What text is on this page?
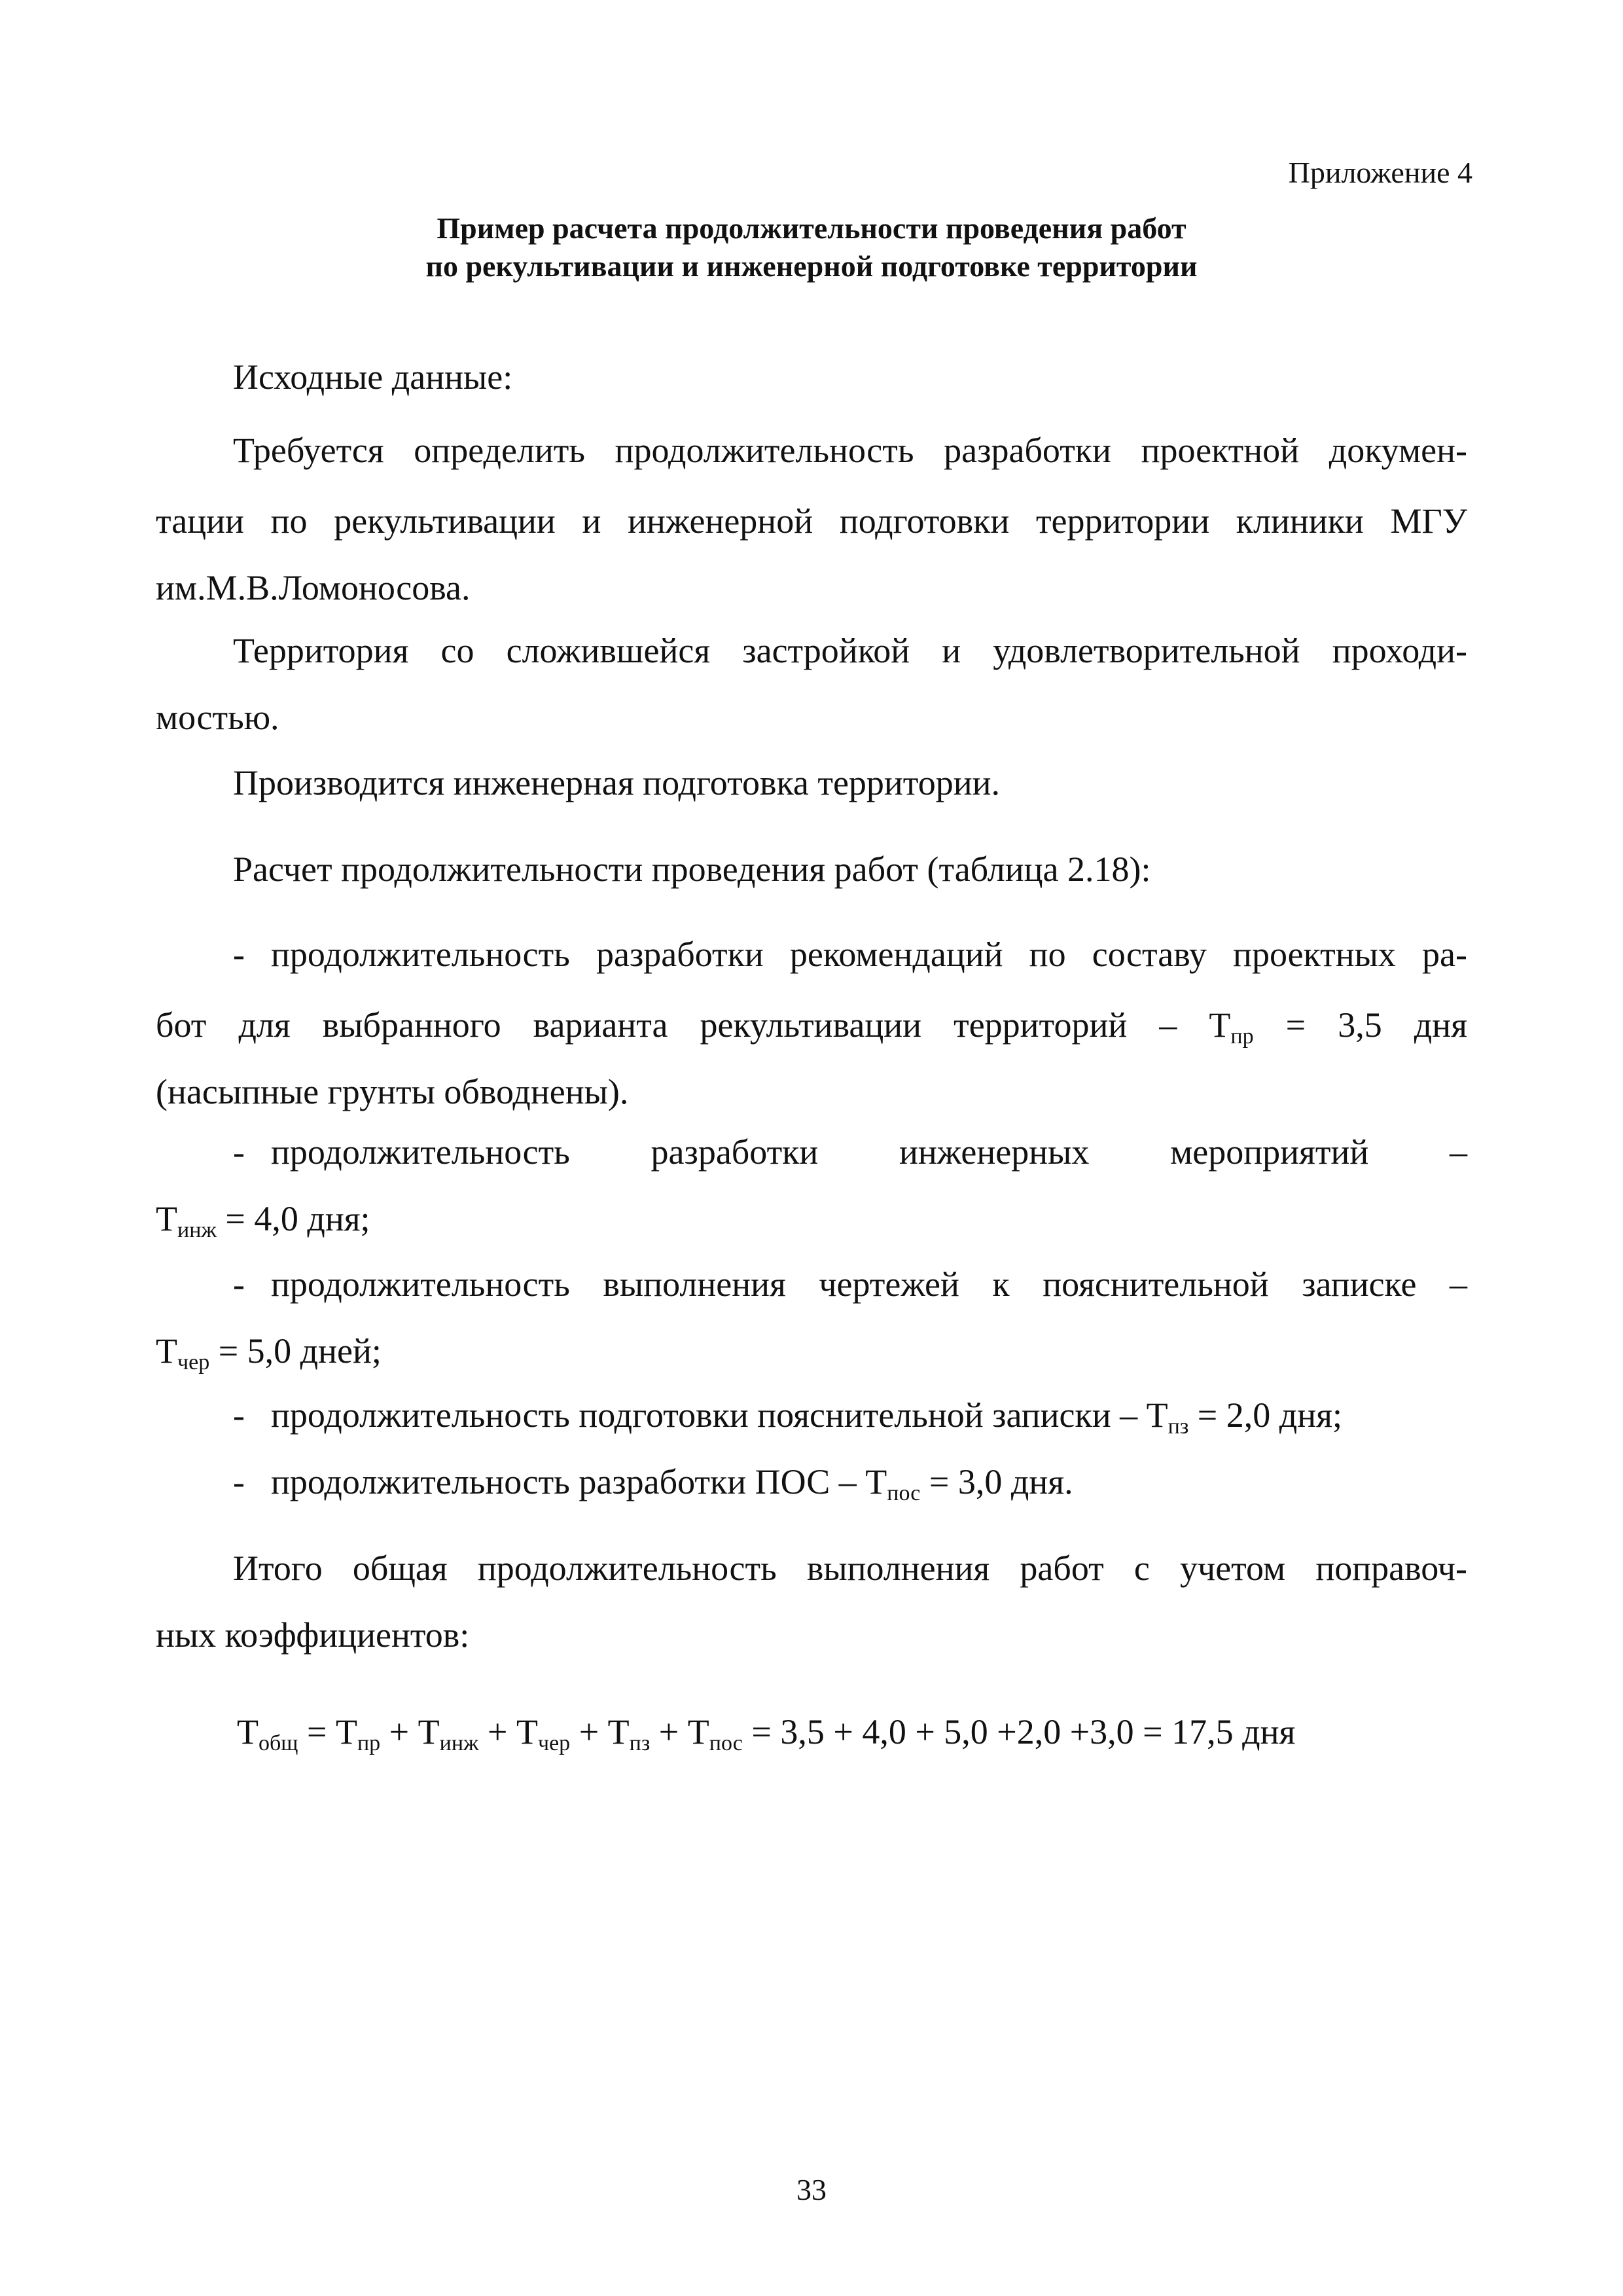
Приложение 4
Пример расчета продолжительности проведения работ
по рекультивации и инженерной подготовке территории
Исходные данные:
Требуется определить продолжительность разработки проектной докумен-
тации по рекультивации и инженерной подготовки территории клиники МГУ
им.М.В.Ломоносова.
Территория со сложившейся застройкой и удовлетворительной проходи-
мостью.
Производится инженерная подготовка территории.
Расчет продолжительности проведения работ (таблица 2.18):
- продолжительность разработки рекомендаций по составу проектных ра-
бот для выбранного варианта рекультивации территорий – $Т_{пр} = 3,5$ дня
(насыпные грунты обводнены).
- продолжительность разработки инженерных мероприятий –
$Т_{инж} = 4,0$ дня;
- продолжительность выполнения чертежей к пояснительной записке –
$Т_{чер} = 5,0$ дней;
- продолжительность подготовки пояснительной записки – $Т_{пз} = 2,0$ дня;
- продолжительность разработки ПОС – $Т_{пос} = 3,0$ дня.
Итого общая продолжительность выполнения работ с учетом поправоч-
ных коэффициентов:
$Т_{общ} = Т_{пр} + Т_{инж} + Т_{чер} + Т_{пз} + Т_{пос} = 3,5 + 4,0 + 5,0 +2,0 +3,0 = 17,5$ дня
33
